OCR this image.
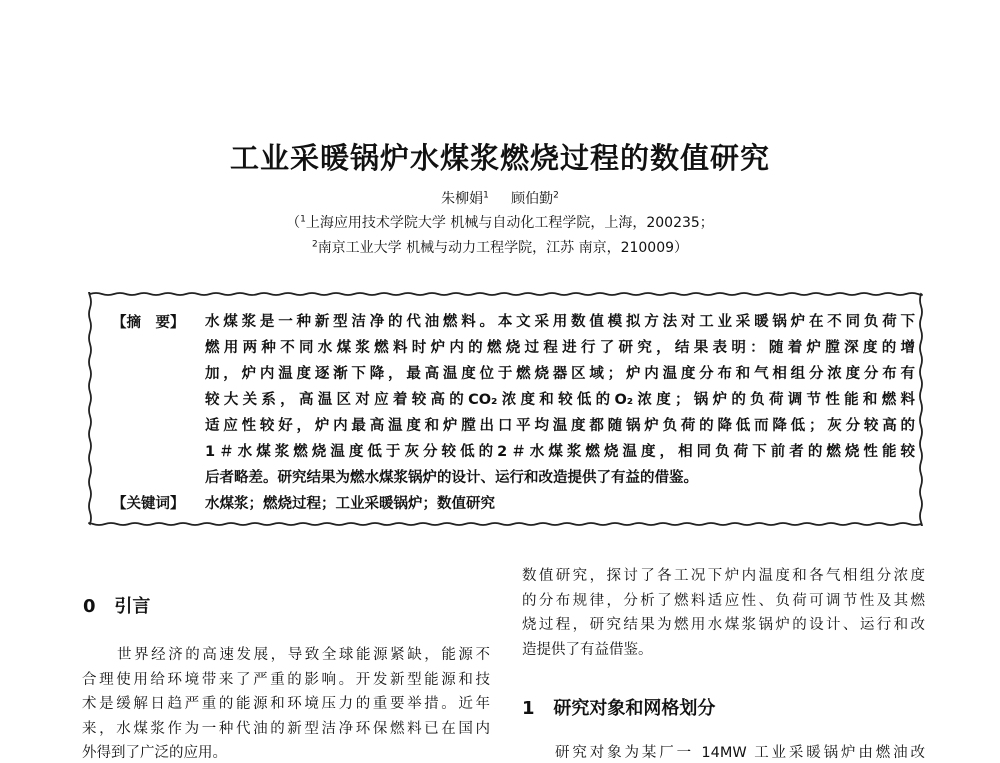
工业采暖锅炉水煤浆燃烧过程的数值研究
朱柳娟$^1$ 顾伯勤$^2$
（$^1$上海应用技术学院大学 机械与自动化工程学院，上海，200235；
$^2$南京工业大学 机械与动力工程学院，江苏 南京，210009）
【摘　要】 水煤浆是一种新型洁净的代油燃料。本文采用数值模拟方法对工业采暖锅炉在不同负荷下
燃用两种不同水煤浆燃料时炉内的燃烧过程进行了研究，结果表明：随着炉膛深度的增
加，炉内温度逐渐下降，最高温度位于燃烧器区域；炉内温度分布和气相组分浓度分布有
较大关系，高温区对应着较高的CO₂浓度和较低的O₂浓度；锅炉的负荷调节性能和燃料
适应性较好，炉内最高温度和炉膛出口平均温度都随锅炉负荷的降低而降低；灰分较高的
1＃水煤浆燃烧温度低于灰分较低的2＃水煤浆燃烧温度，相同负荷下前者的燃烧性能较
后者略差。研究结果为燃水煤浆锅炉的设计、运行和改造提供了有益的借鉴。
【关键词】 水煤浆；燃烧过程；工业采暖锅炉；数值研究
0 引言
世界经济的高速发展，导致全球能源紧缺，能源不
合理使用给环境带来了严重的影响。开发新型能源和技
术是缓解日趋严重的能源和环境压力的重要举措。近年
来，水煤浆作为一种代油的新型洁净环保燃料已在国内
外得到了广泛的应用。
数值研究，探讨了各工况下炉内温度和各气相组分浓度
的分布规律，分析了燃料适应性、负荷可调节性及其燃
烧过程，研究结果为燃用水煤浆锅炉的设计、运行和改
造提供了有益借鉴。
1 研究对象和网格划分
研究对象为某厂一 14MW 工业采暖锅炉由燃油改
